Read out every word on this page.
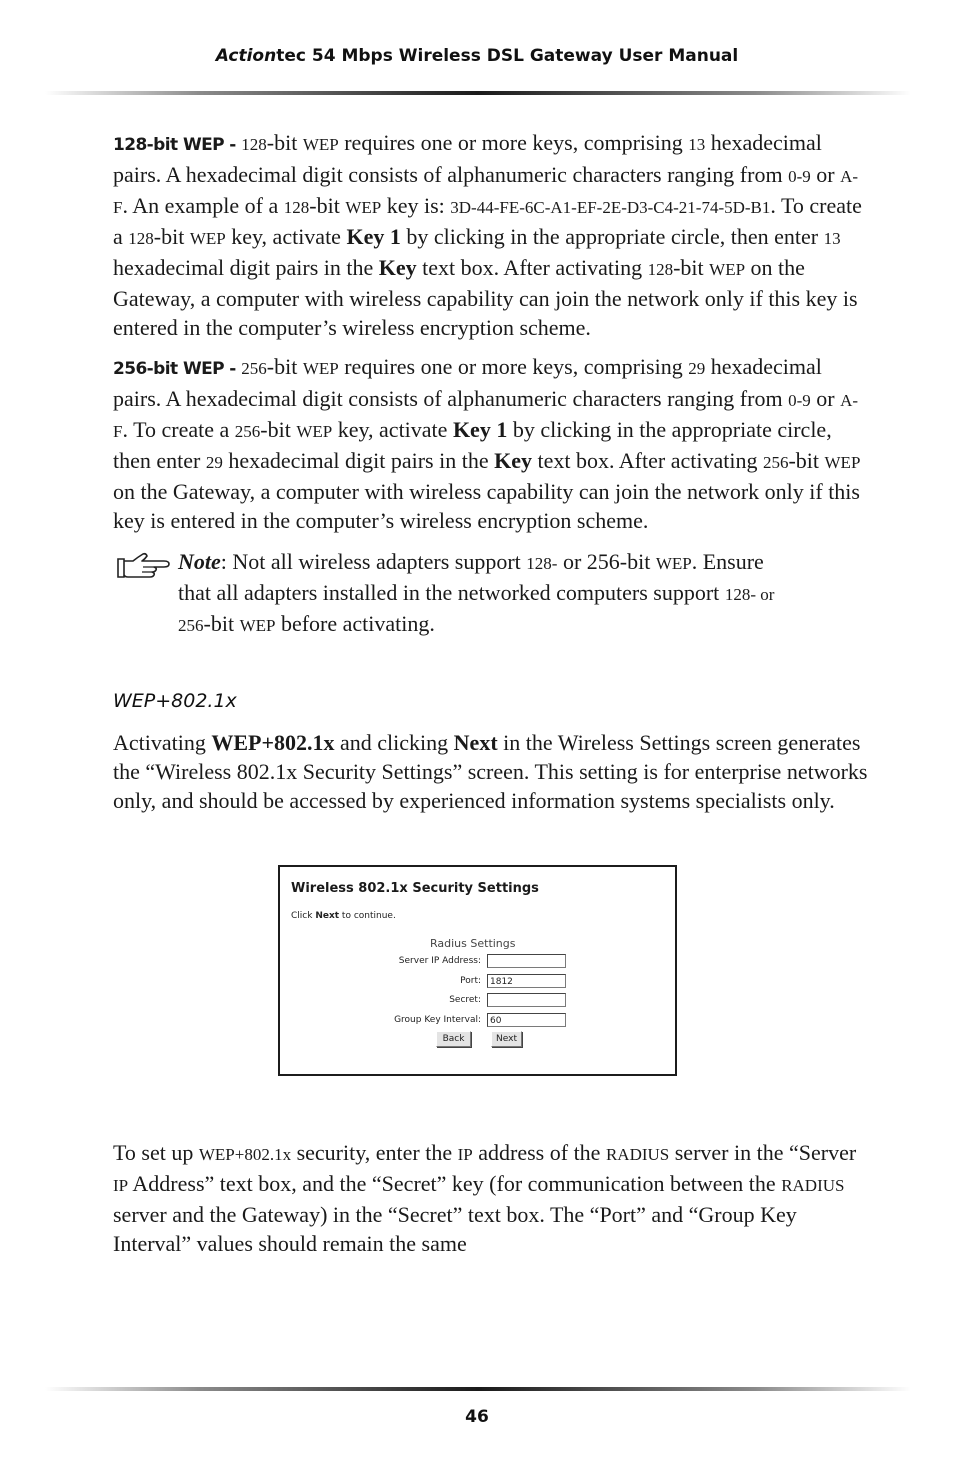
Actiontec 54 Mbps Wireless DSL Gateway User Manual

128-bit WEP - 128-bit WEP requires one or more keys, comprising 13 hexadecimal pairs. A hexadecimal digit consists of alphanumeric characters ranging from 0-9 or A-F. An example of a 128-bit WEP key is: 3D-44-FE-6C-A1-EF-2E-D3-C4-21-74-5D-B1. To create a 128-bit WEP key, activate Key 1 by clicking in the appropriate circle, then enter 13 hexadecimal digit pairs in the Key text box. After activating 128-bit WEP on the Gateway, a computer with wireless capability can join the network only if this key is entered in the computer’s wireless encryption scheme.

256-bit WEP - 256-bit WEP requires one or more keys, comprising 29 hexadecimal pairs. A hexadecimal digit consists of alphanumeric characters ranging from 0-9 or A-F. To create a 256-bit WEP key, activate Key 1 by clicking in the appropriate circle, then enter 29 hexadecimal digit pairs in the Key text box. After activating 256-bit WEP on the Gateway, a computer with wireless capability can join the network only if this key is entered in the computer’s wireless encryption scheme.

Note: Not all wireless adapters support 128- or 256-bit WEP. Ensure that all adapters installed in the networked computers support 128- or 256-bit WEP before activating.

WEP+802.1x

Activating WEP+802.1x and clicking Next in the Wireless Settings screen generates the “Wireless 802.1x Security Settings” screen. This setting is for enterprise networks only, and should be accessed by experienced information systems specialists only.

Wireless 802.1x Security Settings
Click Next to continue.
Radius Settings
Server IP Address:
Port:	1812
Secret:
Group Key Interval:	60
Back	Next

To set up WEP+802.1x security, enter the IP address of the RADIUS server in the “Server IP Address” text box, and the “Secret” key (for communication between the RADIUS server and the Gateway) in the “Secret” text box. The “Port” and “Group Key Interval” values should remain the same

46
